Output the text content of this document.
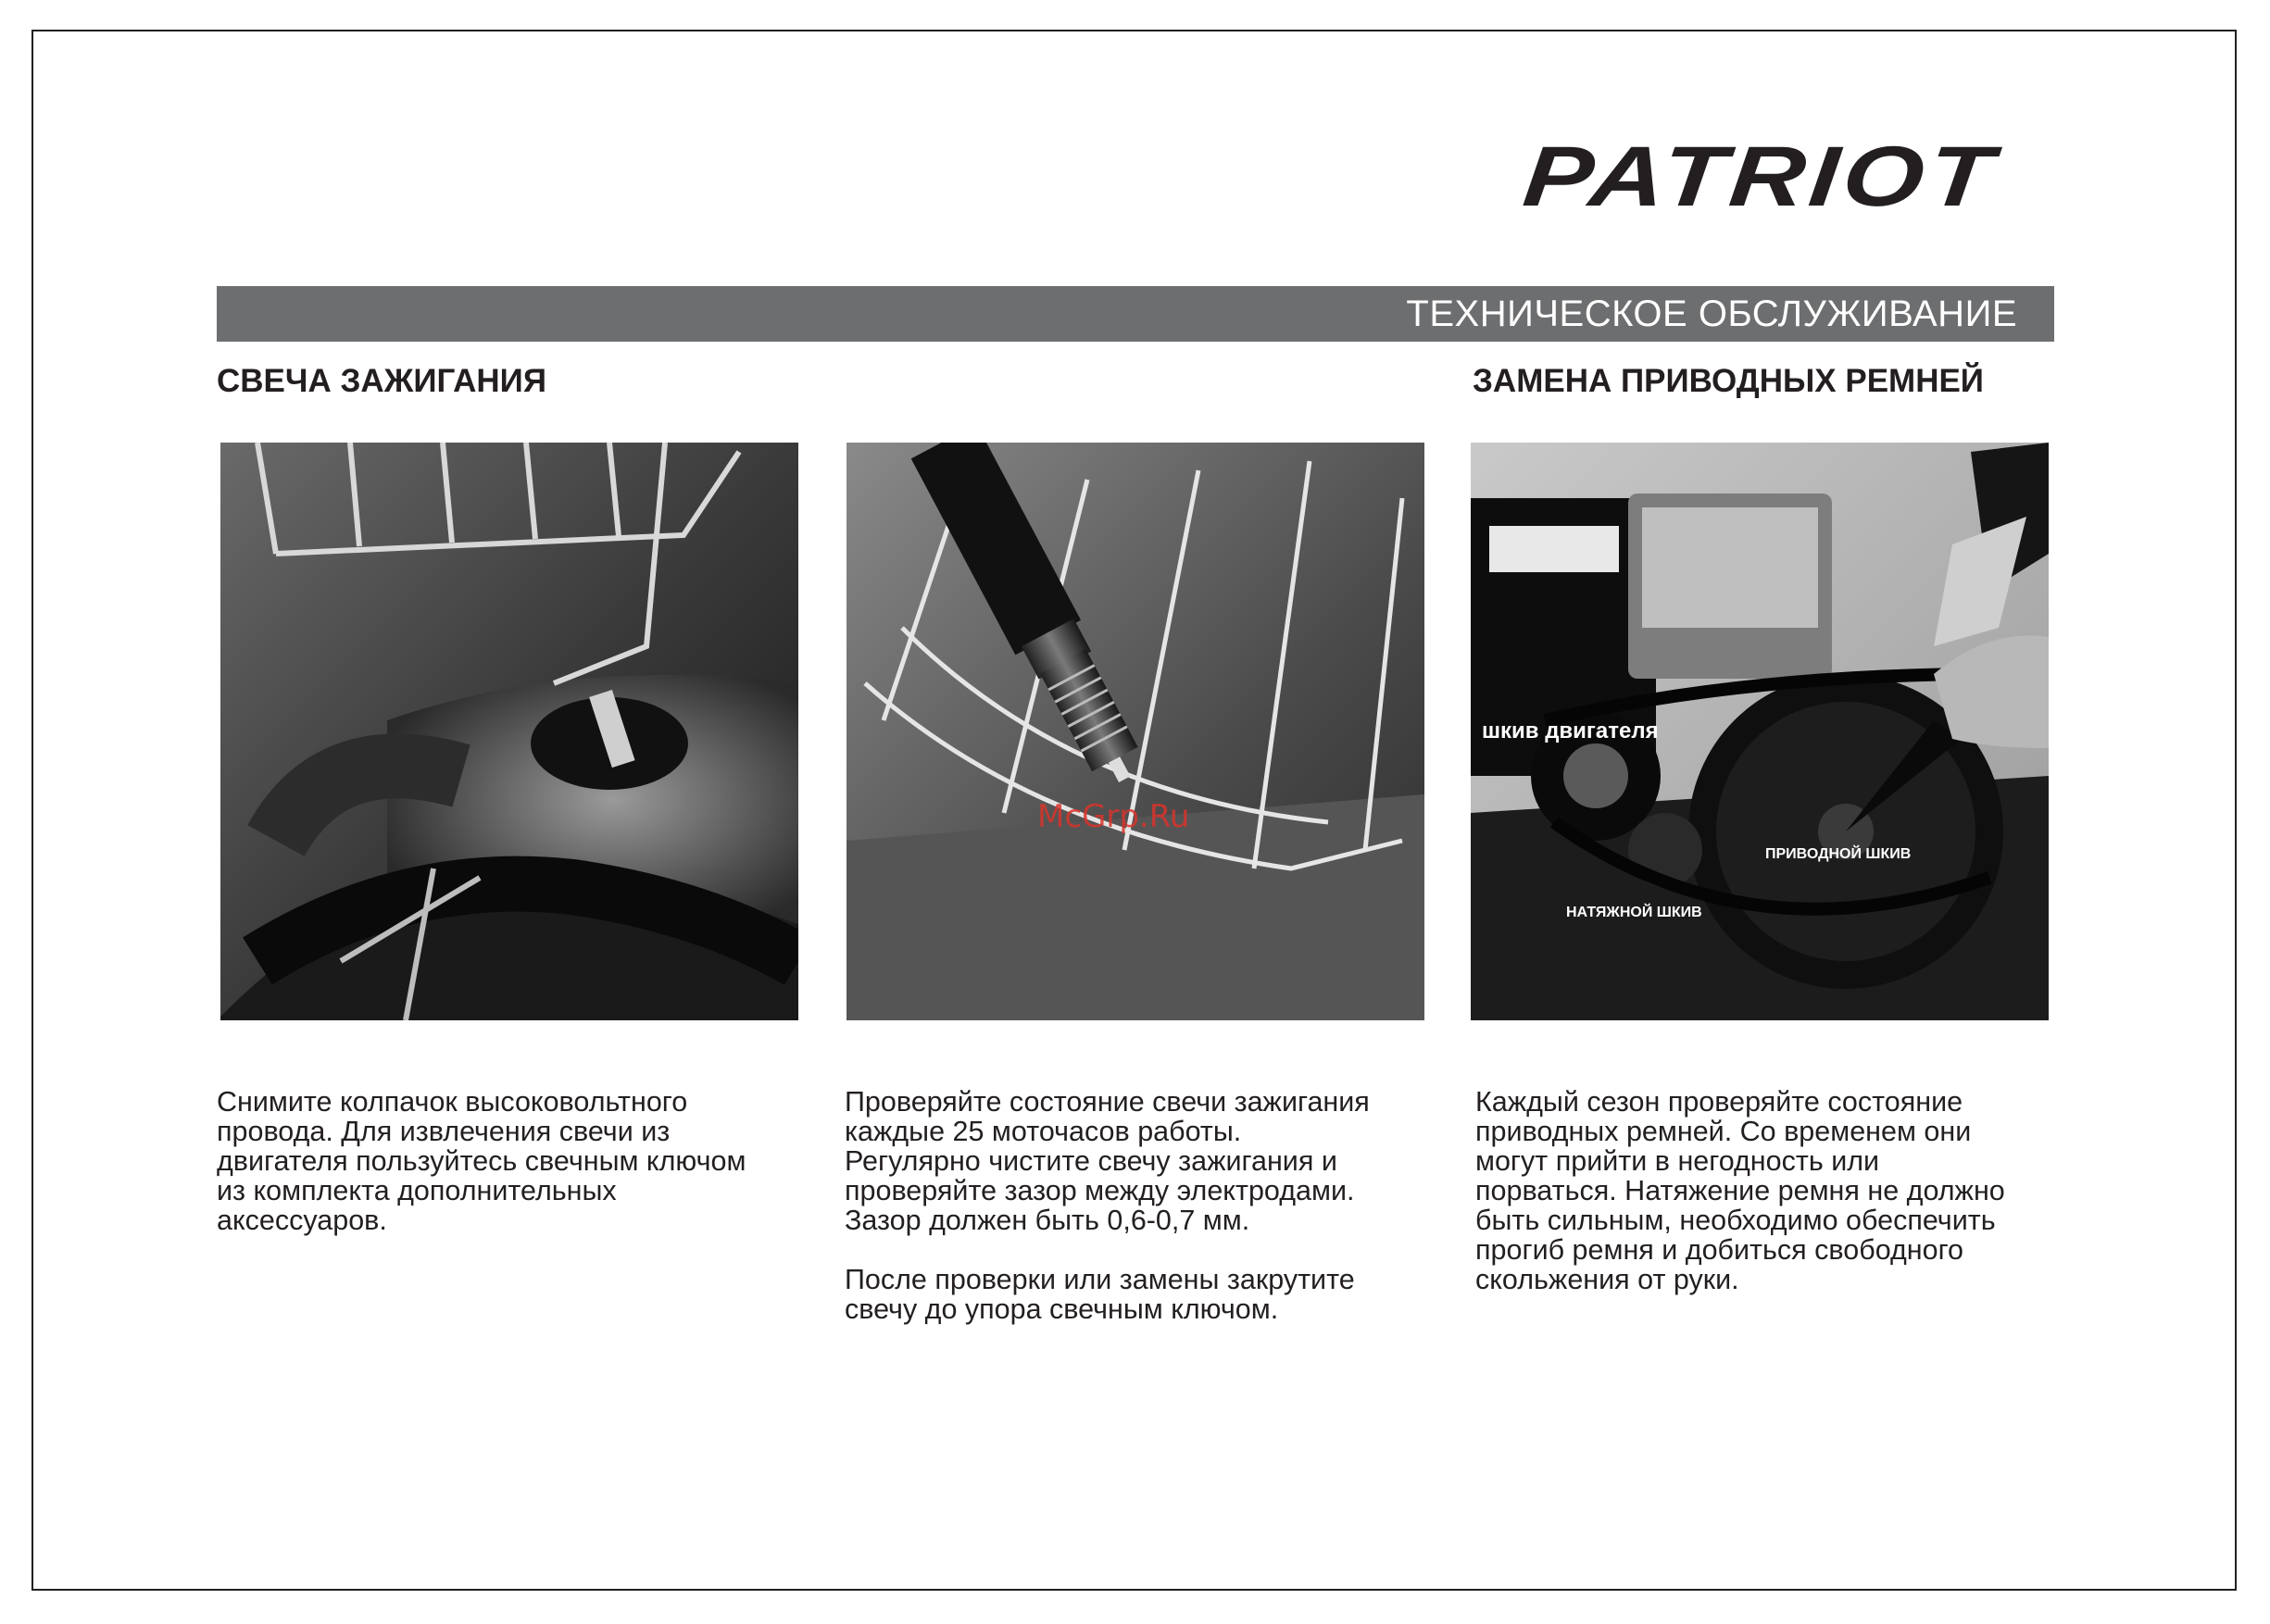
PATRIOT
ТЕХНИЧЕСКОЕ ОБСЛУЖИВАНИЕ
СВЕЧА ЗАЖИГАНИЯ	ЗАМЕНА ПРИВОДНЫХ РЕМНЕЙ
шкив двигателя
ПРИВОДНОЙ ШКИВ
НАТЯЖНОЙ ШКИВ
McGrp.Ru

Снимите колпачок высоковольтного
провода. Для извлечения свечи из
двигателя пользуйтесь свечным ключом
из комплекта дополнительных
аксессуаров.

Проверяйте состояние свечи зажигания
каждые 25 моточасов работы.
Регулярно чистите свечу зажигания и
проверяйте зазор между электродами.
Зазор должен быть 0,6-0,7 мм.

После проверки или замены закрутите
свечу до упора свечным ключом.

Каждый сезон проверяйте состояние
приводных ремней. Со временем они
могут прийти в негодность или
порваться. Натяжение ремня не должно
быть сильным, необходимо обеспечить
прогиб ремня и добиться свободного
скольжения от руки.
